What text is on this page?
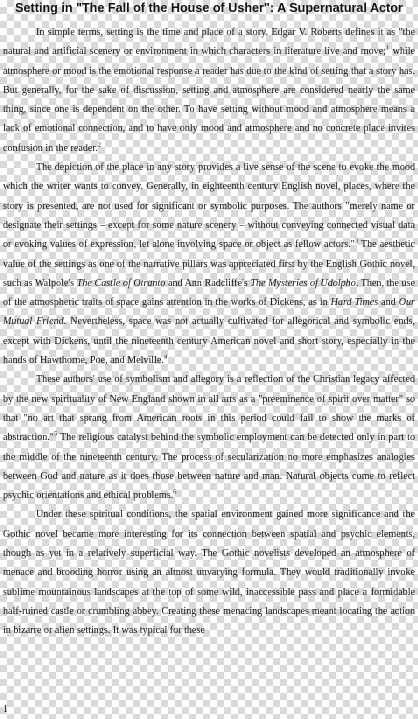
Setting in "The Fall of the House of Usher": A Supernatural Actor

In simple terms, setting is the time and place of a story. Edgar V. Roberts defines it as "the natural and artificial scenery or environment in which characters in literature live and move;$^1$ while atmosphere or mood is the emotional response a reader has due to the kind of setting that a story has. But generally, for the sake of discussion, setting and atmosphere are considered nearly the same thing, since one is dependent on the other. To have setting without mood and atmosphere means a lack of emotional connection, and to have only mood and atmosphere and no concrete place invites confusion in the reader.$^2$

The depiction of the place in any story provides a live sense of the scene to evoke the mood which the writer wants to convey. Generally, in eighteenth century English novel, places, where the story is presented, are not used for significant or symbolic purposes. The authors "merely name or designate their settings – except for some nature scenery – without conveying connected visual data or evoking values of expression, let alone involving space or object as fellow actors."$^3$ The aesthetic value of the settings as one of the narrative pillars was appreciated first by the English Gothic novel, such as Walpole's The Castle of Otranto and Ann Radcliffe's The Mysteries of Udolpho. Then, the use of the atmospheric traits of space gains attention in the works of Dickens, as in Hard Times and Our Mutual Friend. Nevertheless, space was not actually cultivated for allegorical and symbolic ends, except with Dickens, until the nineteenth century American novel and short story, especially in the hands of Hawthorne, Poe, and Melville.$^4$

These authors' use of symbolism and allegory is a reflection of the Christian legacy affected by the new spirituality of New England shown in all arts as a "preeminence of spirit over matter" so that "no art that sprang from American roots in this period could fail to show the marks of abstraction."$^5$ The religious catalyst behind the symbolic employment can be detected only in part to the middle of the nineteenth century. The process of secularization no more emphasizes analogies between God and nature as it does those between nature and man. Natural objects come to reflect psychic orientations and ethical problems.$^6$

Under these spiritual conditions, the spatial environment gained more significance and the Gothic novel became more interesting for its connection between spatial and psychic elements, though as yet in a relatively superficial way. The Gothic novelists developed an atmosphere of menace and brooding horror using an almost unvarying formula. They would traditionally invoke sublime mountainous landscapes at the top of some wild, inaccessible pass and place a formidable half-ruined castle or crumbling abbey. Creating these menacing landscapes meant locating the action in bizarre or alien settings. It was typical for these

1
